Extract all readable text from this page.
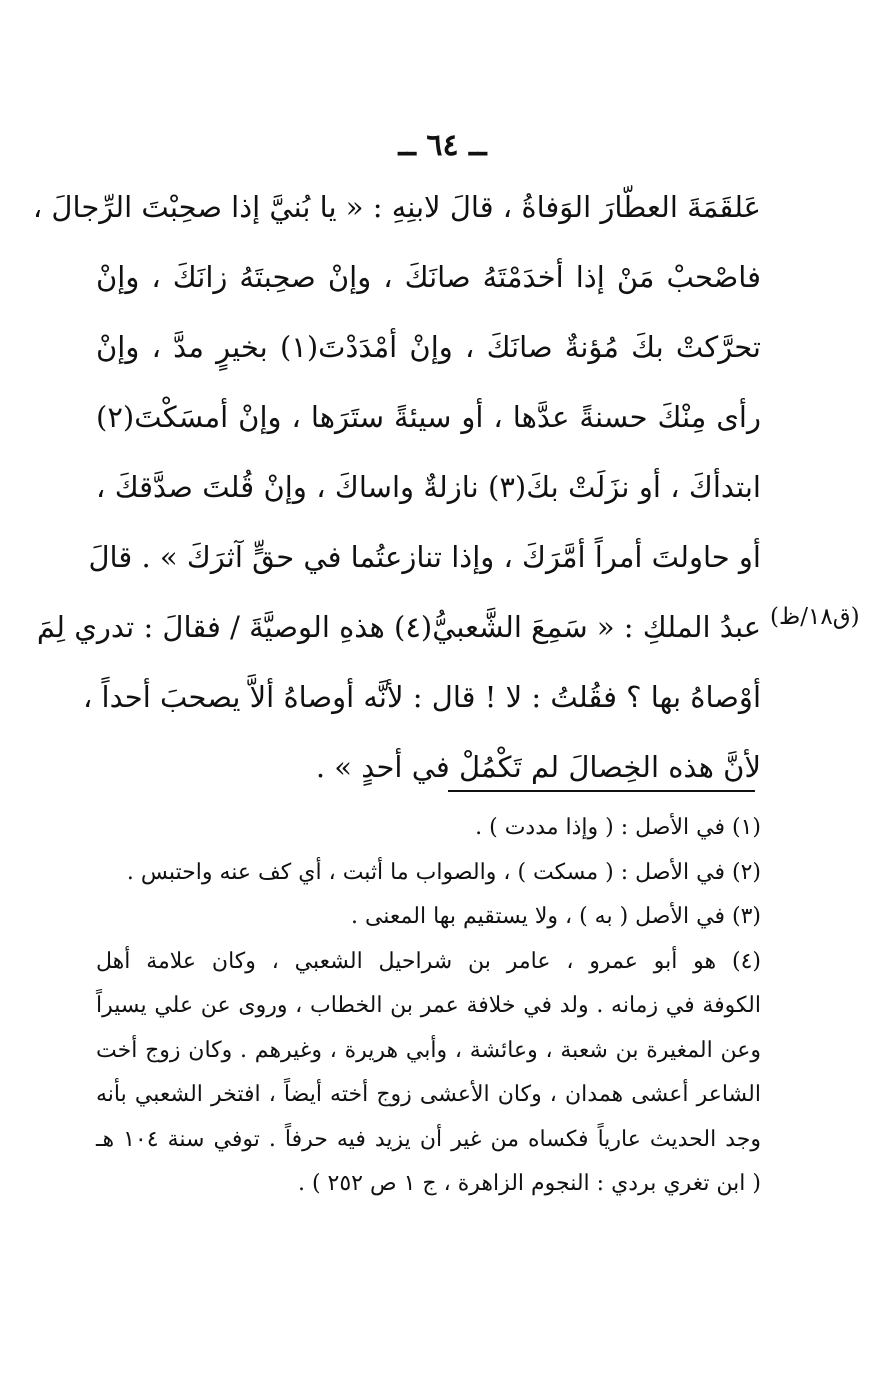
ــ ٦٤ ــ
عَلقَمَةَ العطّارَ الوَفاةُ ، قالَ لابنِهِ : « يا بُنيَّ إذا صحِبْتَ الرِّجالَ ،
فاصْحبْ مَنْ إذا أخدَمْتَهُ صانَكَ ، وإنْ صحِبتَهُ زانَكَ ، وإنْ
تحرَّكتْ بكَ مُؤنةٌ صانَكَ ، وإنْ أمْدَدْتَ(١) بخيرٍ مدَّ ، وإنْ
رأى مِنْكَ حسنةً عدَّها ، أو سيئةً ستَرَها ، وإنْ أمسَكْتَ(٢)
ابتدأكَ ، أو نزَلَتْ بكَ(٣) نازلةٌ واساكَ ، وإنْ قُلتَ صدَّقكَ ،
أو حاولتَ أمراً أمَّرَكَ ، وإذا تنازعتُما في حقٍّ آثرَكَ » . قالَ
عبدُ الملكِ : « سَمِعَ الشَّعبيُّ(٤) هذهِ الوصيَّةَ / فقالَ : تدري لِمَ
أوْصاهُ بها ؟ فقُلتُ : لا ! قال : لأنَّه أوصاهُ ألاَّ يصحبَ أحداً ،
لأنَّ هذه الخِصالَ لم تَكْمُلْ في أحدٍ » .
(ق١٨/ظ)
(١) في الأصل : ( وإذا مددت ) .
(٢) في الأصل : ( مسكت ) ، والصواب ما أثبت ، أي كف عنه واحتبس .
(٣) في الأصل ( به ) ، ولا يستقيم بها المعنى .
(٤) هو أبو عمرو ، عامر بن شراحيل الشعبي ، وكان علامة أهل
الكوفة في زمانه . ولد في خلافة عمر بن الخطاب ، وروى عن علي يسيراً
وعن المغيرة بن شعبة ، وعائشة ، وأبي هريرة ، وغيرهم . وكان زوج أخت
الشاعر أعشى همدان ، وكان الأعشى زوج أخته أيضاً ، افتخر الشعبي بأنه
وجد الحديث عارياً فكساه من غير أن يزيد فيه حرفاً . توفي سنة ١٠٤ هـ
( ابن تغري بردي : النجوم الزاهرة ، ج ١ ص ٢٥٢ ) .
